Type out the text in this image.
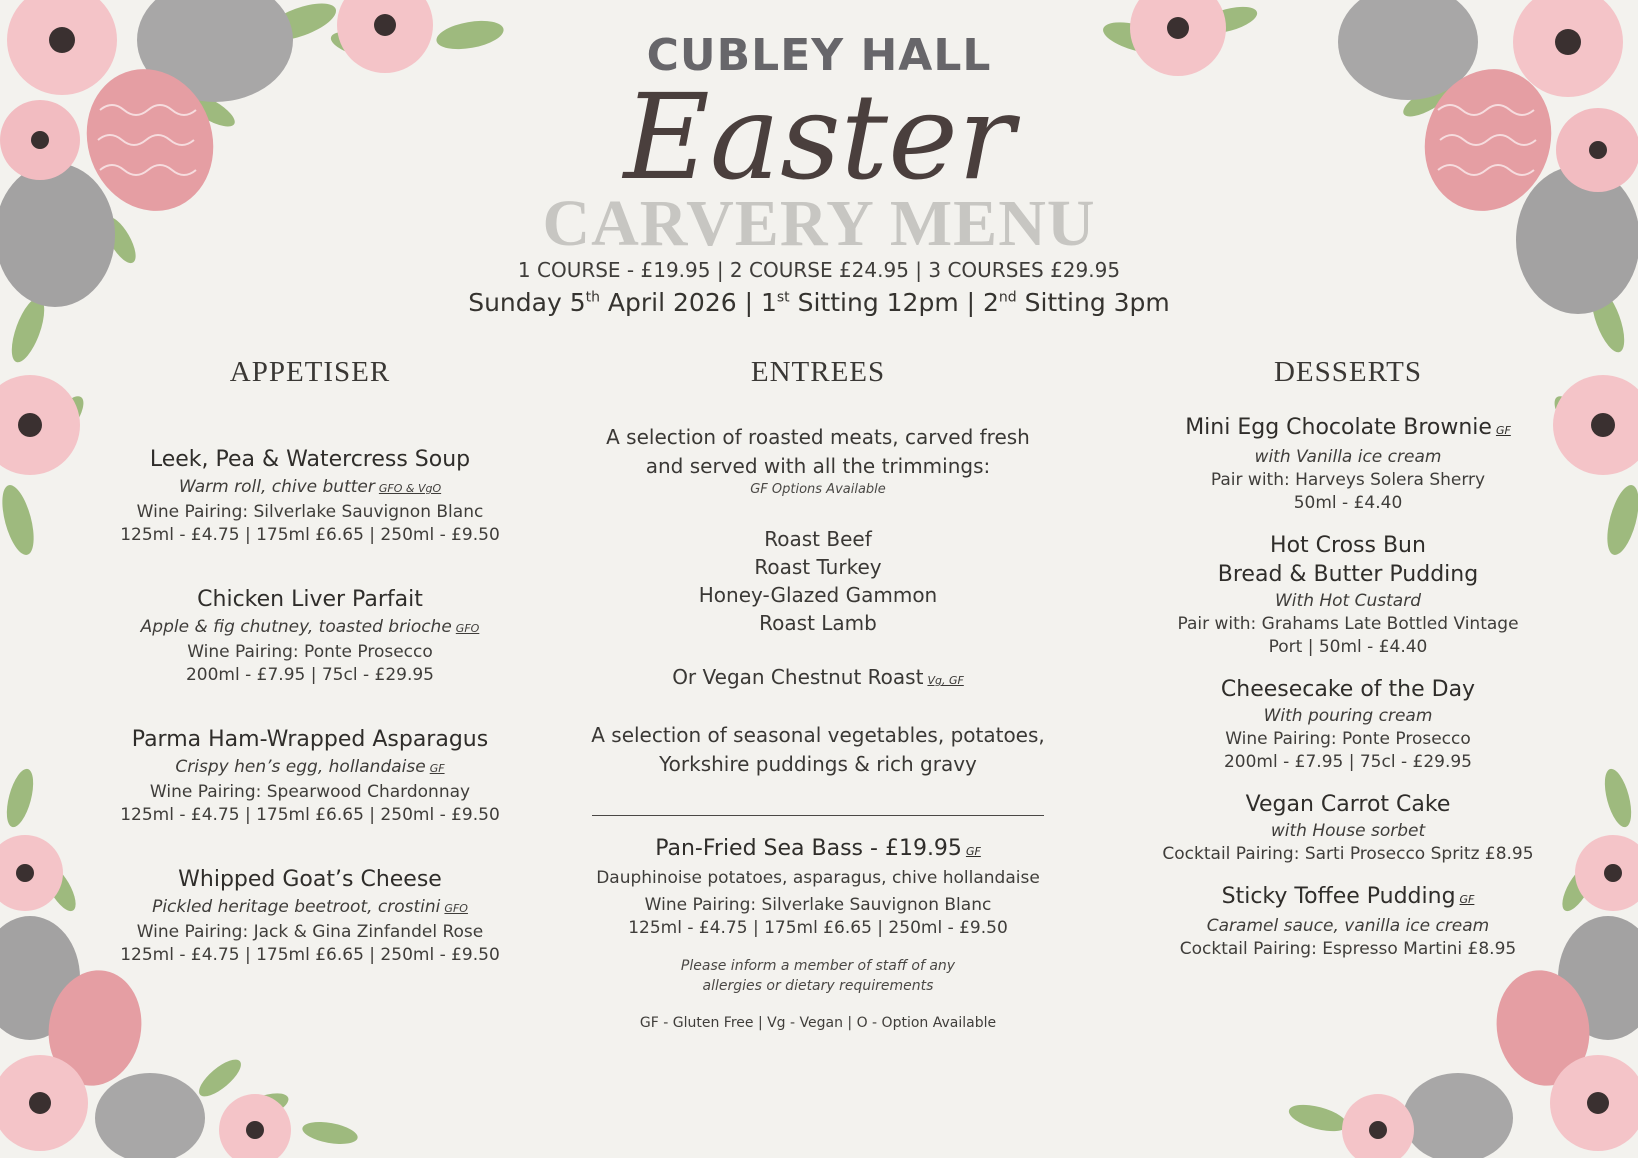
CUBLEY HALL
Easter
CARVERY MENU
1 COURSE - £19.95 | 2 COURSE £24.95 | 3 COURSES £29.95
Sunday 5th April 2026 | 1st Sitting 12pm | 2nd Sitting 3pm
APPETISER
Leek, Pea & Watercress Soup
Warm roll, chive butter GFO & VgO
Wine Pairing: Silverlake Sauvignon Blanc
125ml - £4.75 | 175ml £6.65 | 250ml - £9.50
Chicken Liver Parfait
Apple & fig chutney, toasted brioche GFO
Wine Pairing: Ponte Prosecco
200ml - £7.95 | 75cl - £29.95
Parma Ham-Wrapped Asparagus
Crispy hen’s egg, hollandaise GF
Wine Pairing: Spearwood Chardonnay
125ml - £4.75 | 175ml £6.65 | 250ml - £9.50
Whipped Goat’s Cheese
Pickled heritage beetroot, crostini GFO
Wine Pairing: Jack & Gina Zinfandel Rose
125ml - £4.75 | 175ml £6.65 | 250ml - £9.50
ENTREES
A selection of roasted meats, carved fresh
and served with all the trimmings:
GF Options Available
Roast Beef
Roast Turkey
Honey-Glazed Gammon
Roast Lamb
Or Vegan Chestnut Roast Vg, GF
A selection of seasonal vegetables, potatoes,
Yorkshire puddings & rich gravy
Pan-Fried Sea Bass - £19.95 GF
Dauphinoise potatoes, asparagus, chive hollandaise
Wine Pairing: Silverlake Sauvignon Blanc
125ml - £4.75 | 175ml £6.65 | 250ml - £9.50
Please inform a member of staff of any
allergies or dietary requirements
GF - Gluten Free | Vg - Vegan | O - Option Available
DESSERTS
Mini Egg Chocolate Brownie GF
with Vanilla ice cream
Pair with: Harveys Solera Sherry
50ml - £4.40
Hot Cross Bun
Bread & Butter Pudding
With Hot Custard
Pair with: Grahams Late Bottled Vintage
Port | 50ml - £4.40
Cheesecake of the Day
With pouring cream
Wine Pairing: Ponte Prosecco
200ml - £7.95 | 75cl - £29.95
Vegan Carrot Cake
with House sorbet
Cocktail Pairing: Sarti Prosecco Spritz £8.95
Sticky Toffee Pudding GF
Caramel sauce, vanilla ice cream
Cocktail Pairing: Espresso Martini £8.95
